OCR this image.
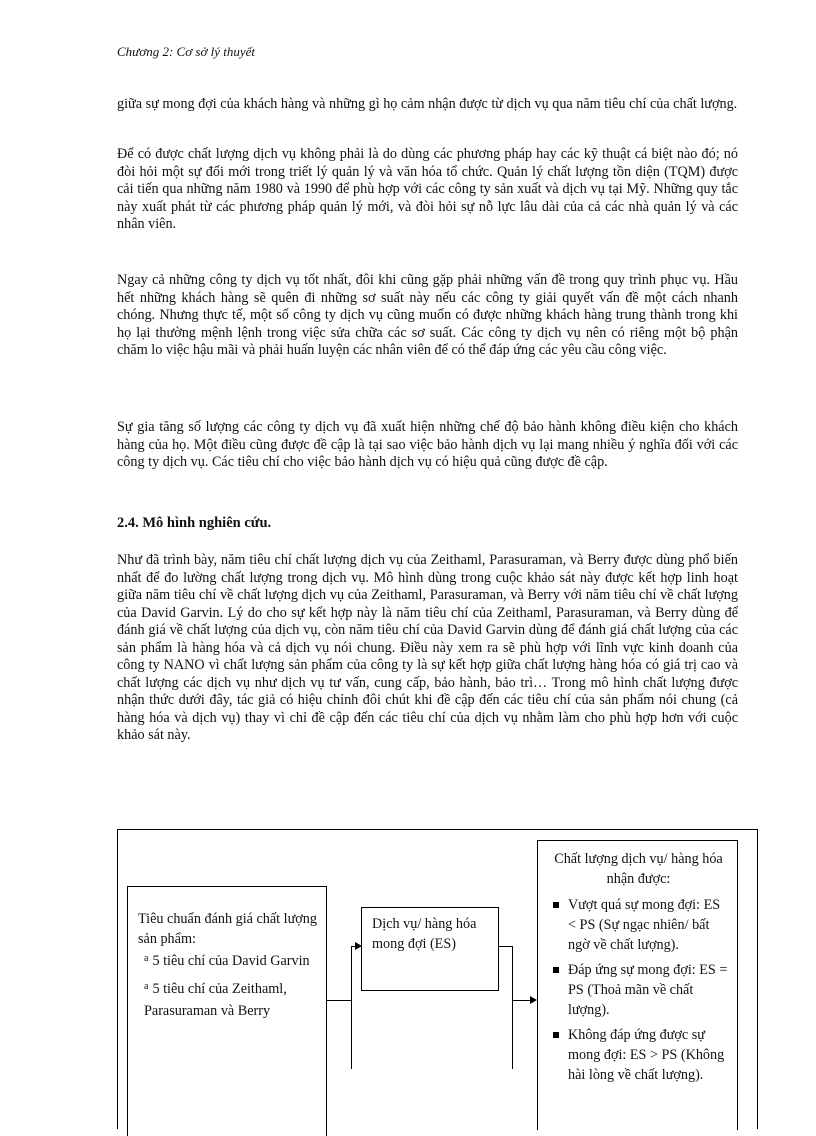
Chương 2: Cơ sở lý thuyết

giữa sự mong đợi của khách hàng và những gì họ cảm nhận được từ dịch vụ qua năm tiêu chí của chất lượng.

Để có được chất lượng dịch vụ không phải là do dùng các phương pháp hay các kỹ thuật cá biệt nào đó; nó đòi hỏi một sự đổi mới trong triết lý quản lý và văn hóa tổ chức. Quản lý chất lượng tồn diện (TQM) được cải tiến qua những năm 1980 và 1990 để phù hợp với các công ty sản xuất và dịch vụ tại Mỹ. Những quy tắc này xuất phát từ các phương pháp quản lý mới, và đòi hỏi sự nỗ lực lâu dài của cả các nhà quản lý và các nhân viên.

Ngay cả những công ty dịch vụ tốt nhất, đôi khi cũng gặp phải những vấn đề trong quy trình phục vụ. Hầu hết những khách hàng sẽ quên đi những sơ suất này nếu các công ty giải quyết vấn đề một cách nhanh chóng. Nhưng thực tế, một số công ty dịch vụ cũng muốn có được những khách hàng trung thành trong khi họ lại thường mệnh lệnh trong việc sửa chữa các sơ suất. Các công ty dịch vụ nên có riêng một bộ phận chăm lo việc hậu mãi và phải huấn luyện các nhân viên để có thể đáp ứng các yêu cầu công việc.

Sự gia tăng số lượng các công ty dịch vụ đã xuất hiện những chế độ bảo hành không điều kiện cho khách hàng của họ. Một điều cũng được đề cập là tại sao việc bảo hành dịch vụ lại mang nhiều ý nghĩa đối với các công ty dịch vụ. Các tiêu chí cho việc bảo hành dịch vụ có hiệu quả cũng được đề cập.

2.4. Mô hình nghiên cứu.

Như đã trình bày, năm tiêu chí chất lượng dịch vụ của Zeithaml, Parasuraman, và Berry được dùng phổ biến nhất để đo lường chất lượng trong dịch vụ. Mô hình dùng trong cuộc khảo sát này được kết hợp linh hoạt giữa năm tiêu chí về chất lượng dịch vụ của Zeithaml, Parasuraman, và Berry với năm tiêu chí về chất lượng của David Garvin. Lý do cho sự kết hợp này là năm tiêu chí của Zeithaml, Parasuraman, và Berry dùng để đánh giá về chất lượng của dịch vụ, còn năm tiêu chí của David Garvin dùng để đánh giá chất lượng của các sản phẩm là hàng hóa và cả dịch vụ nói chung. Điều này xem ra sẽ phù hợp với lĩnh vực kinh doanh của công ty NANO vì chất lượng sản phẩm của công ty là sự kết hợp giữa chất lượng hàng hóa có giá trị cao và chất lượng các dịch vụ như dịch vụ tư vấn, cung cấp, bảo hành, bảo trì… Trong mô hình chất lượng được nhận thức dưới đây, tác giả có hiệu chỉnh đôi chút khi đề cập đến các tiêu chí của sản phẩm nói chung (cả hàng hóa và dịch vụ) thay vì chỉ đề cập đến các tiêu chí của dịch vụ nhằm làm cho phù hợp hơn với cuộc khảo sát này.

Tiêu chuẩn đánh giá chất lượng sản phẩm:
$^a$ 5 tiêu chí của David Garvin
$^a$ 5 tiêu chí của Zeithaml, Parasuraman và Berry
Dịch vụ/ hàng hóa mong đợi (ES)
Chất lượng dịch vụ/ hàng hóa nhận được:
Vượt quá sự mong đợi: ES < PS (Sự ngạc nhiên/ bất ngờ về chất lượng).
Đáp ứng sự mong đợi: ES = PS (Thoả mãn về chất lượng).
Không đáp ứng được sự mong đợi: ES > PS (Không hài lòng về chất lượng).
